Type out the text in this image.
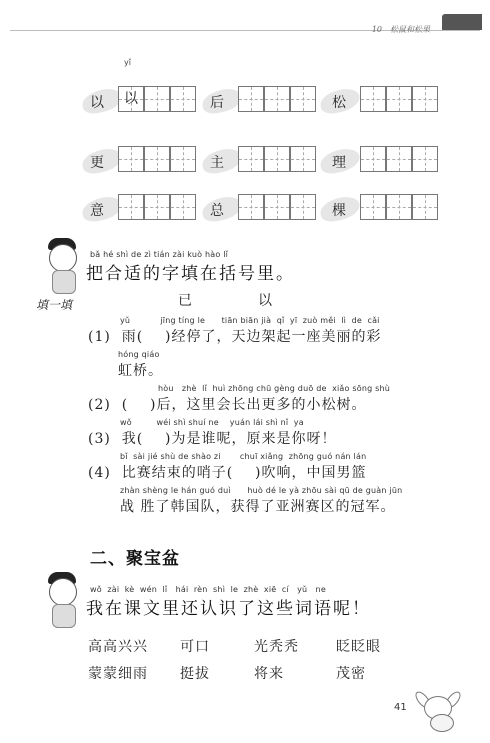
10　松鼠和松果
yǐ
以	以	后	松
更	主	理
意	总	棵
填一填
bǎ hé shì de zì tián zài kuò hào lǐ
把合适的字填在括号里。
已	以
yǔ           jīng tíng le      tiān biān jià  qǐ  yī  zuò měi  lì  de  cǎi
(1)  雨(    )经停了，天边架起一座美丽的彩
hóng qiáo
虹桥。
hòu   zhè  lǐ  huì zhōng chū gèng duō de  xiǎo sōng shù
(2)  (    )后，这里会长出更多的小松树。
wǒ         wéi shì shuí ne    yuán lái shì nǐ  ya
(3)  我(    )为是谁呢，原来是你呀！
bǐ  sài jié shù de shào zi       chuī xiǎng  zhōng guó nán lán
(4)  比赛结束的哨子(    )吹响，中国男篮
zhàn shèng le hán guó duì      huò dé le yà zhōu sài qū de guàn jūn
战 胜了韩国队，获得了亚洲赛区的冠军。
二、聚宝盆
wǒ  zài  kè  wén  lǐ   hái  rèn  shì  le  zhè  xiē  cí   yǔ   ne
我在课文里还认识了这些词语呢！
高高兴兴 可口	光秃秃	眨眨眼
蒙蒙细雨 挺拔	将来	茂密
41
